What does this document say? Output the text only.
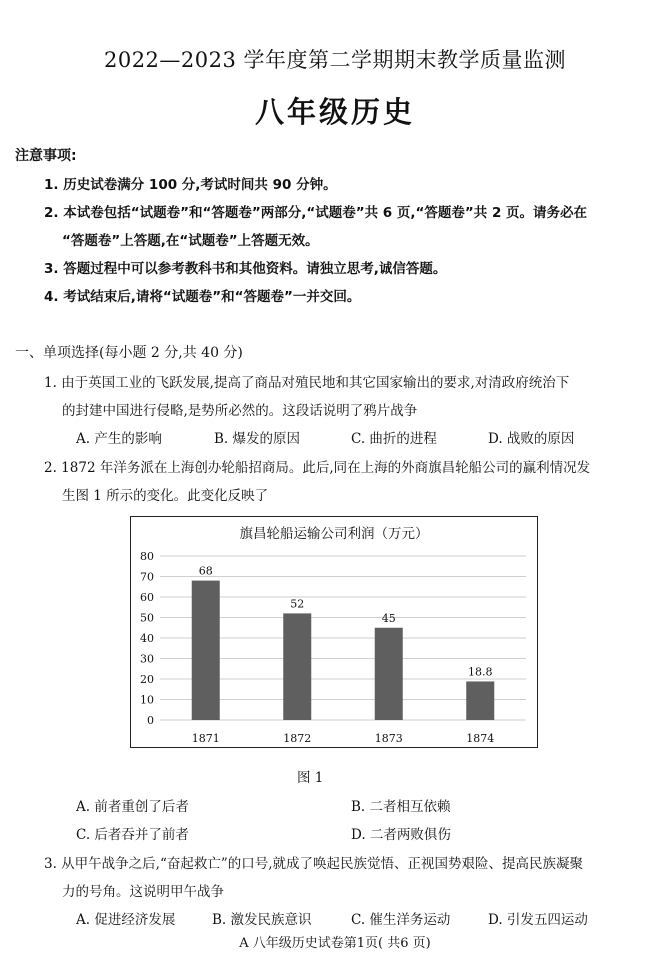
2022—2023 学年度第二学期期末教学质量监测
八年级历史
注意事项:
1. 历史试卷满分 100 分,考试时间共 90 分钟。
2. 本试卷包括“试题卷”和“答题卷”两部分,“试题卷”共 6 页,“答题卷”共 2 页。请务必在
“答题卷”上答题,在“试题卷”上答题无效。
3. 答题过程中可以参考教科书和其他资料。请独立思考,诚信答题。
4. 考试结束后,请将“试题卷”和“答题卷”一并交回。
一、单项选择(每小题 2 分,共 40 分)
1. 由于英国工业的飞跃发展,提高了商品对殖民地和其它国家输出的要求,对清政府统治下
的封建中国进行侵略,是势所必然的。这段话说明了鸦片战争
A. 产生的影响	B. 爆发的原因	C. 曲折的进程	D. 战败的原因
2. 1872 年洋务派在上海创办轮船招商局。此后,同在上海的外商旗昌轮船公司的赢利情况发
生图 1 所示的变化。此变化反映了
旗昌轮船运输公司利润（万元）
0
10
20
30
40
50
60
70
80
68
1871
52
1872
45
1873
18.8
1874
图 1
A. 前者重创了后者	B. 二者相互依赖
C. 后者吞并了前者	D. 二者两败俱伤
3. 从甲午战争之后,“奋起救亡”的口号,就成了唤起民族觉悟、正视国势艰险、提高民族凝聚
力的号角。这说明甲午战争
A. 促进经济发展	B. 激发民族意识	C. 催生洋务运动	D. 引发五四运动
A 八年级历史试卷第1页( 共6 页)
